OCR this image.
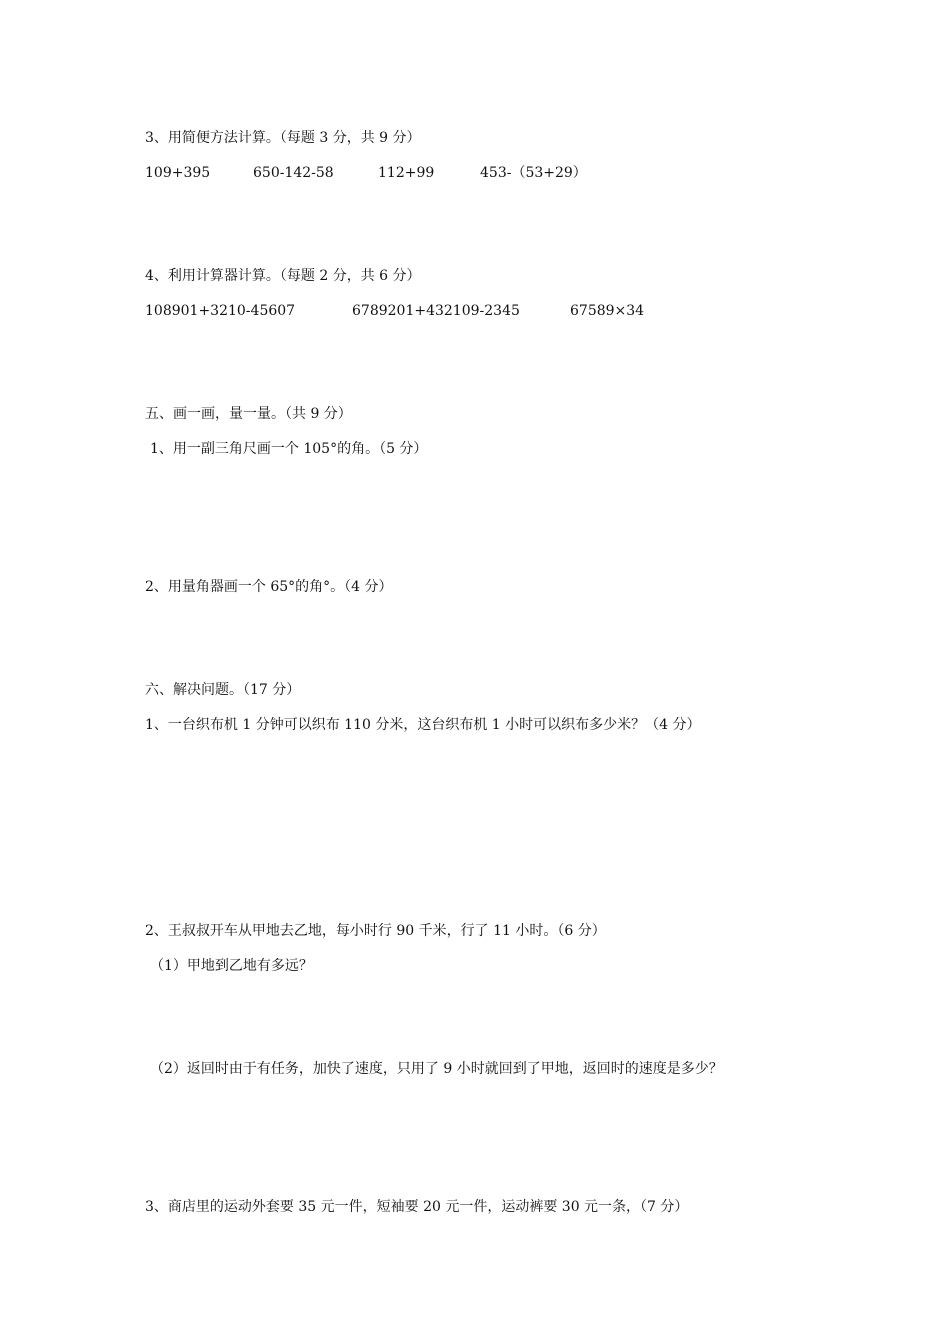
3、用简便方法计算。（每题 3 分，共 9 分）
109+395	650-142-58	112+99	453-（53+29）
4、利用计算器计算。（每题 2 分，共 6 分）
108901+3210-45607	6789201+432109-2345	67589×34
五、画一画，量一量。（共 9 分）
1、用一副三角尺画一个 105°的角。（5 分）
2、用量角器画一个 65°的角°。（4 分）
六、解决问题。（17 分）
1、一台织布机 1 分钟可以织布 110 分米，这台织布机 1 小时可以织布多少米？（4 分）
2、王叔叔开车从甲地去乙地，每小时行 90 千米，行了 11 小时。（6 分）
（1）甲地到乙地有多远？
（2）返回时由于有任务，加快了速度，只用了 9 小时就回到了甲地，返回时的速度是多少？
3、商店里的运动外套要 35 元一件，短袖要 20 元一件，运动裤要 30 元一条，（7 分）
